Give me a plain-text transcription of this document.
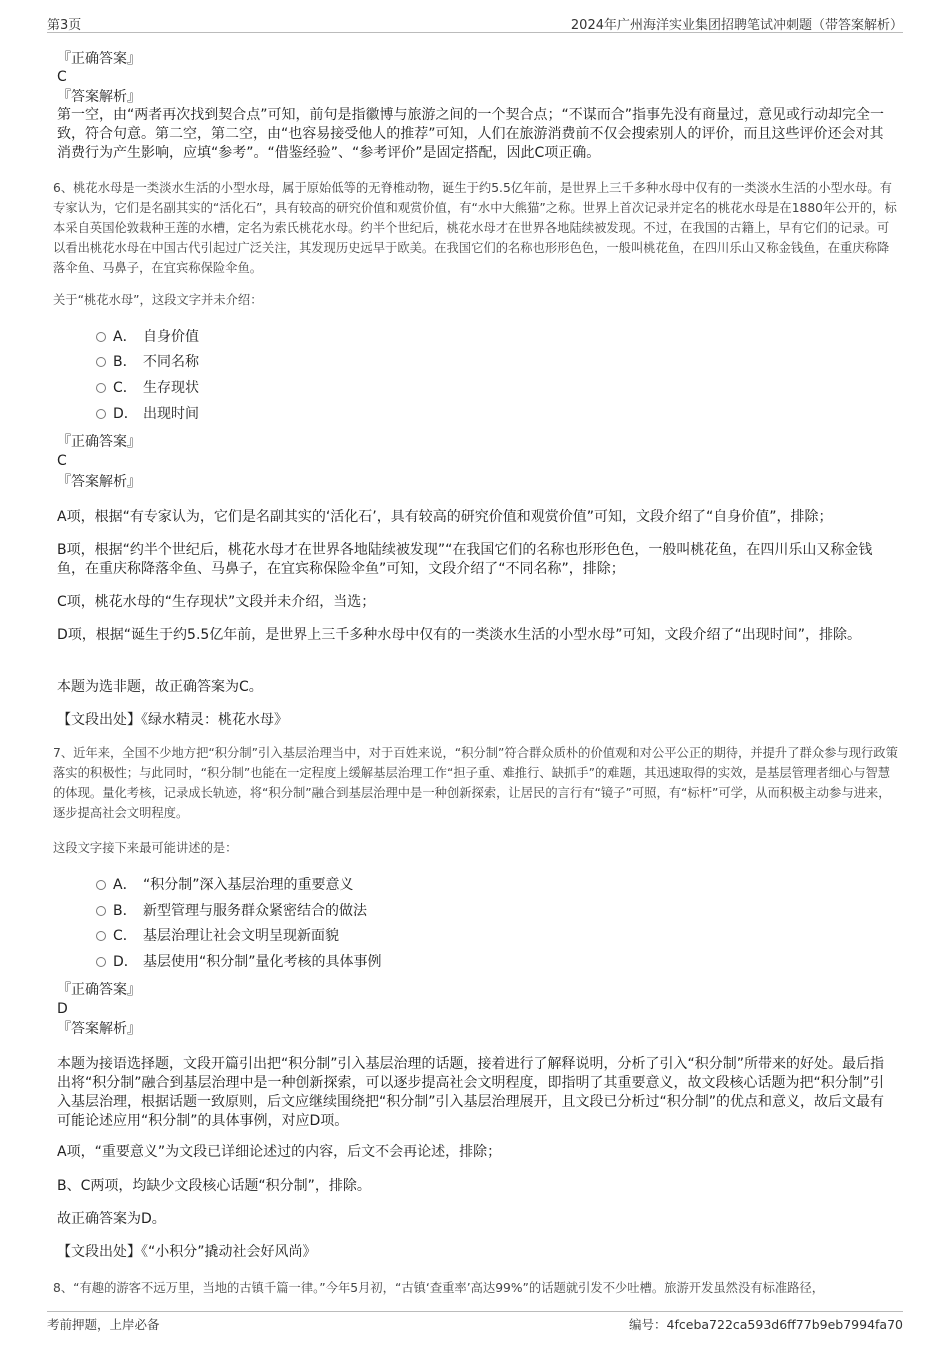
第3页	2024年广州海洋实业集团招聘笔试冲刺题（带答案解析）
『正确答案』
C
『答案解析』
第一空，由“两者再次找到契合点”可知，前句是指徽博与旅游之间的一个契合点；“不谋而合”指事先没有商量过，意见或行动却完全一致，符合句意。第二空，第二空，由“也容易接受他人的推荐”可知，人们在旅游消费前不仅会搜索别人的评价，而且这些评价还会对其消费行为产生影响，应填“参考”。“借鉴经验”、“参考评价”是固定搭配，因此C项正确。
6、桃花水母是一类淡水生活的小型水母，属于原始低等的无脊椎动物，诞生于约5.5亿年前，是世界上三千多种水母中仅有的一类淡水生活的小型水母。有专家认为，它们是名副其实的“活化石”，具有较高的研究价值和观赏价值，有“水中大熊猫”之称。世界上首次记录并定名的桃花水母是在1880年公开的，标本采自英国伦敦栽种王莲的水槽，定名为索氏桃花水母。约半个世纪后，桃花水母才在世界各地陆续被发现。不过，在我国的古籍上，早有它们的记录。可以看出桃花水母在中国古代引起过广泛关注，其发现历史远早于欧美。在我国它们的名称也形形色色，一般叫桃花鱼，在四川乐山又称金钱鱼，在重庆称降落伞鱼、马鼻子，在宜宾称保险伞鱼。
关于“桃花水母”，这段文字并未介绍：
A． 自身价值
B． 不同名称
C． 生存现状
D． 出现时间
『正确答案』
C
『答案解析』
A项，根据“有专家认为，它们是名副其实的‘活化石’，具有较高的研究价值和观赏价值”可知，文段介绍了“自身价值”，排除；
B项，根据“约半个世纪后，桃花水母才在世界各地陆续被发现”“在我国它们的名称也形形色色，一般叫桃花鱼，在四川乐山又称金钱鱼，在重庆称降落伞鱼、马鼻子，在宜宾称保险伞鱼”可知，文段介绍了“不同名称”，排除；
C项，桃花水母的“生存现状”文段并未介绍，当选；
D项，根据“诞生于约5.5亿年前，是世界上三千多种水母中仅有的一类淡水生活的小型水母”可知，文段介绍了“出现时间”，排除。
本题为选非题，故正确答案为C。
【文段出处】《绿水精灵：桃花水母》
7、近年来，全国不少地方把“积分制”引入基层治理当中，对于百姓来说，“积分制”符合群众质朴的价值观和对公平公正的期待，并提升了群众参与现行政策落实的积极性；与此同时，“积分制”也能在一定程度上缓解基层治理工作“担子重、难推行、缺抓手”的难题，其迅速取得的实效，是基层管理者细心与智慧的体现。量化考核，记录成长轨迹，将“积分制”融合到基层治理中是一种创新探索，让居民的言行有“镜子”可照，有“标杆”可学，从而积极主动参与进来，逐步提高社会文明程度。
这段文字接下来最可能讲述的是：
A． “积分制”深入基层治理的重要意义
B． 新型管理与服务群众紧密结合的做法
C． 基层治理让社会文明呈现新面貌
D． 基层使用“积分制”量化考核的具体事例
『正确答案』
D
『答案解析』
本题为接语选择题，文段开篇引出把“积分制”引入基层治理的话题，接着进行了解释说明，分析了引入“积分制”所带来的好处。最后指出将“积分制”融合到基层治理中是一种创新探索，可以逐步提高社会文明程度，即指明了其重要意义，故文段核心话题为把“积分制”引入基层治理，根据话题一致原则，后文应继续围绕把“积分制”引入基层治理展开，且文段已分析过“积分制”的优点和意义，故后文最有可能论述应用“积分制”的具体事例，对应D项。
A项，“重要意义”为文段已详细论述过的内容，后文不会再论述，排除；
B、C两项，均缺少文段核心话题“积分制”，排除。
故正确答案为D。
【文段出处】《“小积分”撬动社会好风尚》
8、“有趣的游客不远万里，当地的古镇千篇一律。”今年5月初，“古镇‘查重率’高达99%”的话题就引发不少吐槽。旅游开发虽然没有标准路径，
考前押题，上岸必备	编号：4fceba722ca593d6ff77b9eb7994fa70
